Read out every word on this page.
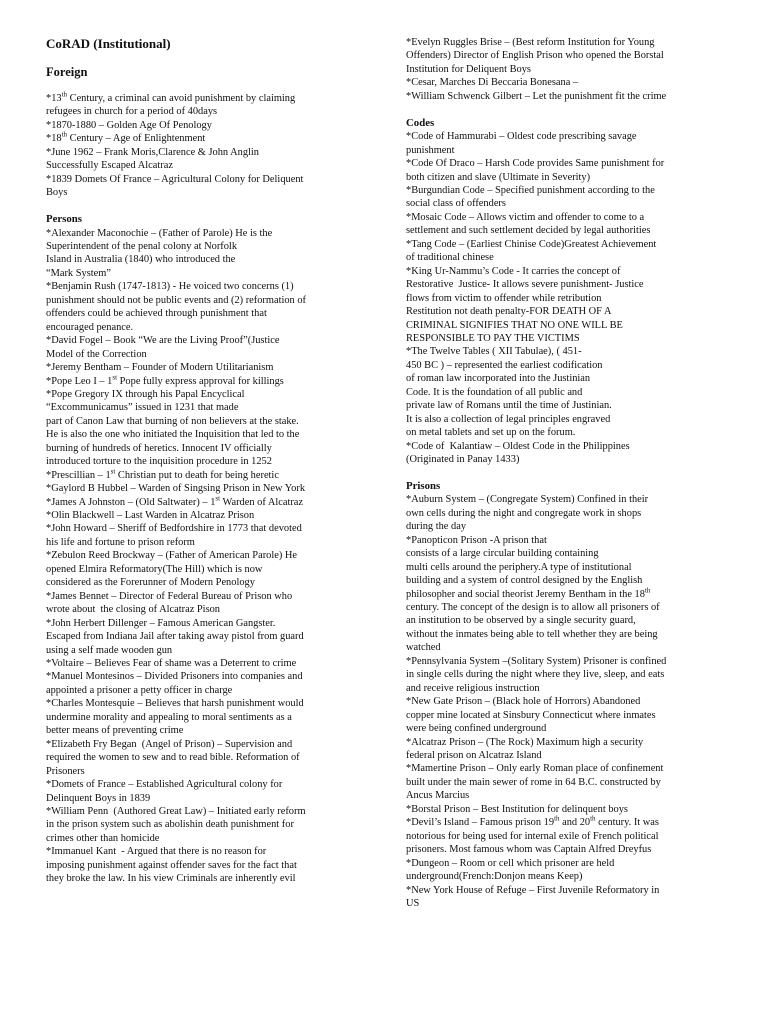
CoRAD (Institutional)
Foreign
*13th Century, a criminal can avoid punishment by claiming
refugees in church for a period of 40days
*1870-1880 – Golden Age Of Penology
*18th Century – Age of Enlightenment
*June 1962 – Frank Moris,Clarence & John Anglin
Successfully Escaped Alcatraz
*1839 Domets Of France – Agricultural Colony for Deliquent
Boys
Persons
*Alexander Maconochie – (Father of Parole) He is the
Superintendent of the penal colony at Norfolk
Island in Australia (1840) who introduced the
“Mark System”
*Benjamin Rush (1747-1813) - He voiced two concerns (1)
punishment should not be public events and (2) reformation of
offenders could be achieved through punishment that
encouraged penance.
*David Fogel – Book “We are the Living Proof”(Justice
Model of the Correction
*Jeremy Bentham – Founder of Modern Utilitarianism
*Pope Leo I – 1st Pope fully express approval for killings
*Pope Gregory IX through his Papal Encyclical
“Excommunicamus” issued in 1231 that made
part of Canon Law that burning of non believers at the stake.
He is also the one who initiated the Inquisition that led to the
burning of hundreds of heretics. Innocent IV officially
introduced torture to the inquisition procedure in 1252
*Prescillian – 1st Christian put to death for being heretic
*Gaylord B Hubbel – Warden of Singsing Prison in New York
*James A Johnston – (Old Saltwater) – 1st Warden of Alcatraz
*Olin Blackwell – Last Warden in Alcatraz Prison
*John Howard – Sheriff of Bedfordshire in 1773 that devoted
his life and fortune to prison reform
*Zebulon Reed Brockway – (Father of American Parole) He
opened Elmira Reformatory(The Hill) which is now
considered as the Forerunner of Modern Penology
*James Bennet – Director of Federal Bureau of Prison who
wrote about  the closing of Alcatraz Pison
*John Herbert Dillenger – Famous American Gangster.
Escaped from Indiana Jail after taking away pistol from guard
using a self made wooden gun
*Voltaire – Believes Fear of shame was a Deterrent to crime
*Manuel Montesinos – Divided Prisoners into companies and
appointed a prisoner a petty officer in charge
*Charles Montesquie – Believes that harsh punishment would
undermine morality and appealing to moral sentiments as a
better means of preventing crime
*Elizabeth Fry Began  (Angel of Prison) – Supervision and
required the women to sew and to read bible. Reformation of
Prisoners
*Domets of France – Established Agricultural colony for
Delinquent Boys in 1839
*William Penn  (Authored Great Law) – Initiated early reform
in the prison system such as abolishin death punishment for
crimes other than homicide
*Immanuel Kant  - Argued that there is no reason for
imposing punishment against offender saves for the fact that
they broke the law. In his view Criminals are inherently evil
*Evelyn Ruggles Brise – (Best reform Institution for Young
Offenders) Director of English Prison who opened the Borstal
Institution for Deliquent Boys
*Cesar, Marches Di Beccaria Bonesana –
*William Schwenck Gilbert – Let the punishment fit the crime
Codes
*Code of Hammurabi – Oldest code prescribing savage
punishment
*Code Of Draco – Harsh Code provides Same punishment for
both citizen and slave (Ultimate in Severity)
*Burgundian Code – Specified punishment according to the
social class of offenders
*Mosaic Code – Allows victim and offender to come to a
settlement and such settlement decided by legal authorities
*Tang Code – (Earliest Chinise Code)Greatest Achievement
of traditional chinese
*King Ur-Nammu’s Code - It carries the concept of
Restorative  Justice- It allows severe punishment- Justice
flows from victim to offender while retribution
Restitution not death penalty-FOR DEATH OF A
CRIMINAL SIGNIFIES THAT NO ONE WILL BE
RESPONSIBLE TO PAY THE VICTIMS
*The Twelve Tables ( XII Tabulae), ( 451-
450 BC ) – represented the earliest codification
of roman law incorporated into the Justinian
Code. It is the foundation of all public and
private law of Romans until the time of Justinian.
It is also a collection of legal principles engraved
on metal tablets and set up on the forum.
*Code of  Kalantiaw – Oldest Code in the Philippines
(Originated in Panay 1433)
Prisons
*Auburn System – (Congregate System) Confined in their
own cells during the night and congregate work in shops
during the day
*Panopticon Prison -A prison that
consists of a large circular building containing
multi cells around the periphery.A type of institutional
building and a system of control designed by the English
philosopher and social theorist Jeremy Bentham in the 18th
century. The concept of the design is to allow all prisoners of
an institution to be observed by a single security guard,
without the inmates being able to tell whether they are being
watched
*Pennsylvania System –(Solitary System) Prisoner is confined
in single cells during the night where they live, sleep, and eats
and receive religious instruction
*New Gate Prison – (Black hole of Horrors) Abandoned
copper mine located at Sinsbury Connecticut where inmates
were being confined underground
*Alcatraz Prison – (The Rock) Maximum high a security
federal prison on Alcatraz Island
*Mamertine Prison – Only early Roman place of confinement
built under the main sewer of rome in 64 B.C. constructed by
Ancus Marcius
*Borstal Prison – Best Institution for delinquent boys
*Devil’s Island – Famous prison 19th and 20th century. It was
notorious for being used for internal exile of French political
prisoners. Most famous whom was Captain Alfred Dreyfus
*Dungeon – Room or cell which prisoner are held
underground(French:Donjon means Keep)
*New York House of Refuge – First Juvenile Reformatory in
US
